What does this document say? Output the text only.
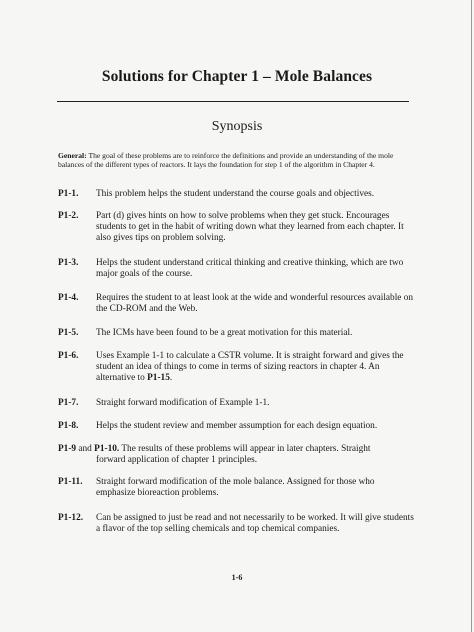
Solutions for Chapter 1 – Mole Balances
Synopsis
General: The goal of these problems are to reinforce the definitions and provide an understanding of the mole balances of the different types of reactors. It lays the foundation for step 1 of the algorithm in Chapter 4.
P1-1. This problem helps the student understand the course goals and objectives.
P1-2. Part (d) gives hints on how to solve problems when they get stuck. Encourages students to get in the habit of writing down what they learned from each chapter. It also gives tips on problem solving.
P1-3. Helps the student understand critical thinking and creative thinking, which are two major goals of the course.
P1-4. Requires the student to at least look at the wide and wonderful resources available on the CD-ROM and the Web.
P1-5. The ICMs have been found to be a great motivation for this material.
P1-6. Uses Example 1-1 to calculate a CSTR volume. It is straight forward and gives the student an idea of things to come in terms of sizing reactors in chapter 4. An alternative to P1-15.
P1-7. Straight forward modification of Example 1-1.
P1-8. Helps the student review and member assumption for each design equation.
P1-9 and P1-10. The results of these problems will appear in later chapters. Straight
forward application of chapter 1 principles.
P1-11. Straight forward modification of the mole balance. Assigned for those who emphasize bioreaction problems.
P1-12. Can be assigned to just be read and not necessarily to be worked. It will give students a flavor of the top selling chemicals and top chemical companies.
1-6
